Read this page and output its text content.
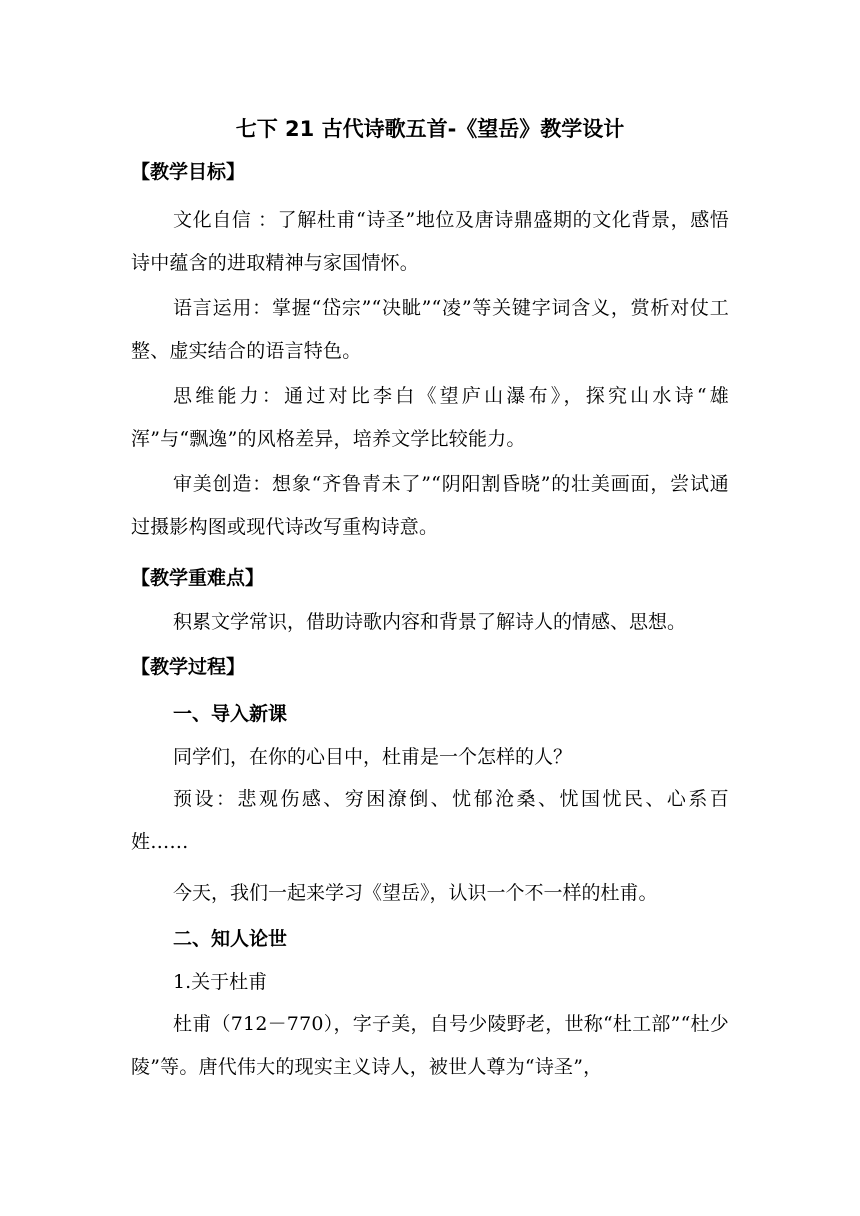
七下 21 古代诗歌五首-《望岳》教学设计
【教学目标】

文化自信 ：了解杜甫“诗圣”地位及唐诗鼎盛期的文化背景，感悟诗中蕴含的进取精神与家国情怀。

语言运用：掌握“岱宗”“决眦”“凌”等关键字词含义，赏析对仗工整、虚实结合的语言特色。

思维能力：通过对比李白《望庐山瀑布》，探究山水诗“雄浑”与“飘逸”的风格差异，培养文学比较能力。

审美创造：想象“齐鲁青未了”“阴阳割昏晓”的壮美画面，尝试通过摄影构图或现代诗改写重构诗意。

【教学重难点】

积累文学常识，借助诗歌内容和背景了解诗人的情感、思想。

【教学过程】
一、导入新课

同学们，在你的心目中，杜甫是一个怎样的人？

预设：悲观伤感、穷困潦倒、忧郁沧桑、忧国忧民、心系百姓……

今天，我们一起来学习《望岳》，认识一个不一样的杜甫。

二、知人论世

1.关于杜甫

杜甫（712－770），字子美，自号少陵野老，世称“杜工部”“杜少陵”等。唐代伟大的现实主义诗人，被世人尊为“诗圣”，
